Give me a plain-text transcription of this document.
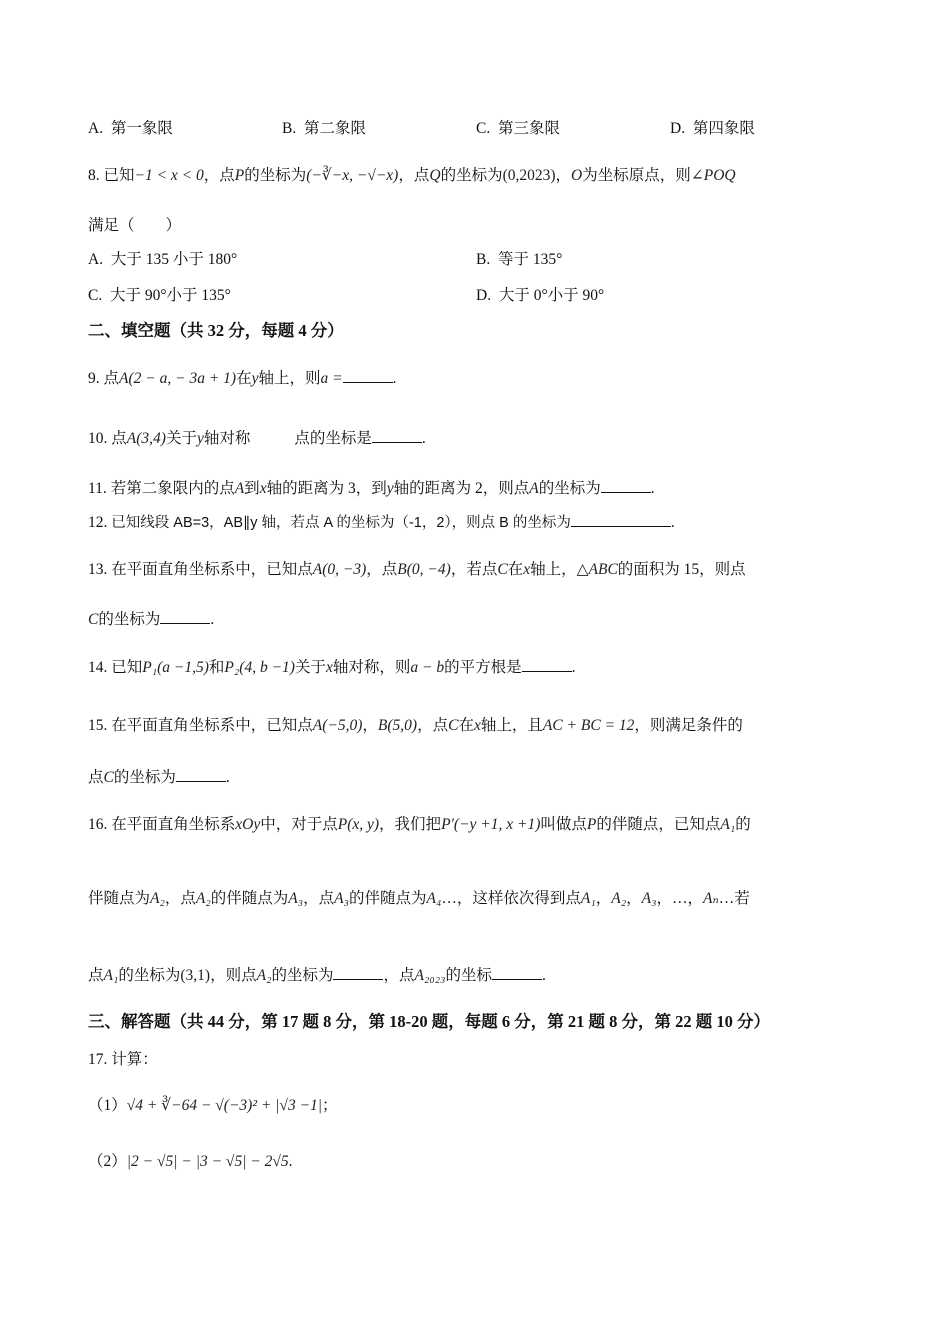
A. 第一象限	B. 第二象限	C. 第三象限	D. 第四象限
8. 已知−1 < x < 0，点P的坐标为(−∛−x, −√−x)，点Q的坐标为(0,2023)，O为坐标原点，则∠POQ
满足（　　）
A. 大于 135 小于 180°	B. 等于 135°
C. 大于 90°小于 135°	D. 大于 0°小于 90°
二、填空题（共 32 分，每题 4 分）
9. 点A(2 − a, − 3a + 1)在y轴上，则a =	.
10. 点A(3,4)关于y轴对称	点的坐标是	.
11. 若第二象限内的点A到x轴的距离为 3，到y轴的距离为 2，则点A的坐标为	.
12. 已知线段 AB=3，AB∥y 轴，若点 A 的坐标为（-1，2），则点 B 的坐标为	.
13. 在平面直角坐标系中，已知点A(0, −3)，点B(0, −4)，若点C在x轴上，△ABC的面积为 15，则点
C的坐标为	.
14. 已知P₁(a −1,5)和P₂(4, b −1)关于x轴对称，则a − b的平方根是	.
15. 在平面直角坐标系中，已知点A(−5,0)，B(5,0)，点C在x轴上，且AC + BC = 12，则满足条件的
点C的坐标为	.
16. 在平面直角坐标系xOy中，对于点P(x, y)，我们把P′(−y +1, x +1)叫做点P的伴随点，已知点A₁的
伴随点为A₂，点A₂的伴随点为A₃，点A₃的伴随点为A₄…，这样依次得到点A₁，A₂，A₃，…，Aₙ…若
点A₁的坐标为(3,1)，则点A₂的坐标为	，点A₂₀₂₃的坐标	.
三、解答题（共 44 分，第 17 题 8 分，第 18-20 题，每题 6 分，第 21 题 8 分，第 22 题 10 分）
17. 计算：
（1）√4 + ∛−64 − √(−3)² + |√3 −1|；
（2）|2 − √5| − |3 − √5| − 2√5.
